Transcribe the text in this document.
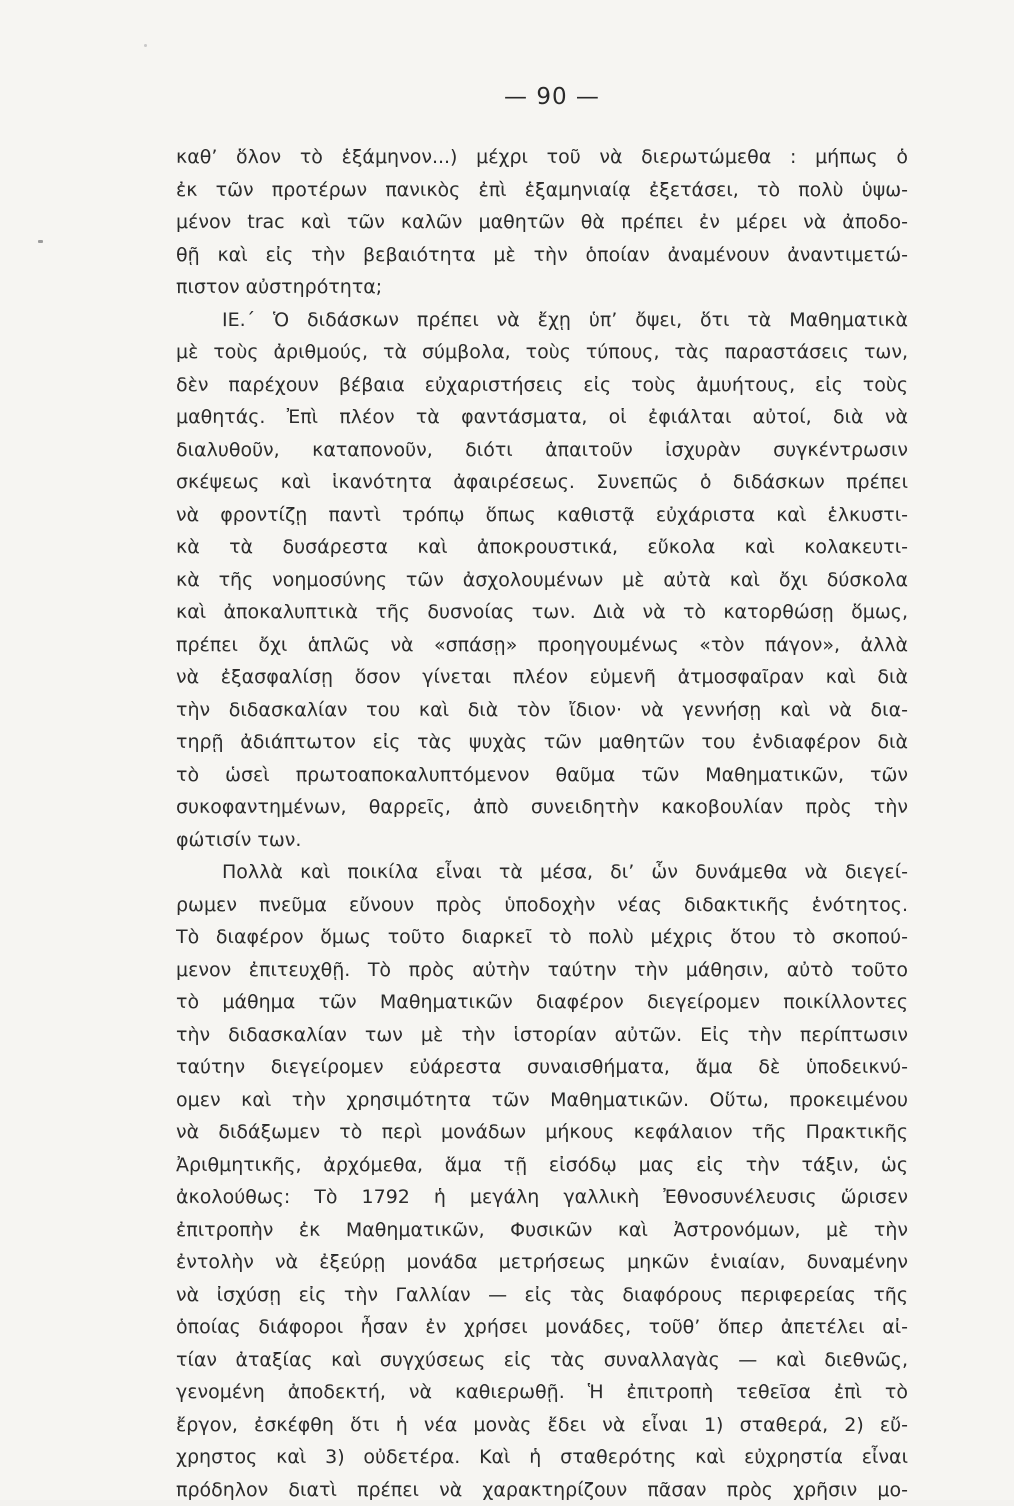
— 90 —
καθ’ ὅλον τὸ ἑξάμηνον...) μέχρι τοῦ νὰ διερωτώμεθα : μήπως ὁ
ἐκ τῶν προτέρων πανικὸς ἐπὶ ἑξαμηνιαίᾳ ἐξετάσει, τὸ πολὺ ὑψω-
μένον trac καὶ τῶν καλῶν μαθητῶν θὰ πρέπει ἐν μέρει νὰ ἀποδο-
θῇ καὶ εἰς τὴν βεβαιότητα μὲ τὴν ὁποίαν ἀναμένουν ἀναντιμετώ-
πιστον αὐστηρότητα;
ΙΕ.΄ Ὁ διδάσκων πρέπει νὰ ἔχῃ ὑπ’ ὄψει, ὅτι τὰ Μαθηματικὰ
μὲ τοὺς ἀριθμούς, τὰ σύμβολα, τοὺς τύπους, τὰς παραστάσεις των,
δὲν παρέχουν βέβαια εὐχαριστήσεις εἰς τοὺς ἀμυήτους, εἰς τοὺς
μαθητάς. Ἐπὶ πλέον τὰ φαντάσματα, οἱ ἐφιάλται αὐτοί, διὰ νὰ
διαλυθοῦν, καταπονοῦν, διότι ἀπαιτοῦν ἰσχυρὰν συγκέντρωσιν
σκέψεως καὶ ἱκανότητα ἀφαιρέσεως. Συνεπῶς ὁ διδάσκων πρέπει
νὰ φροντίζῃ παντὶ τρόπῳ ὅπως καθιστᾷ εὐχάριστα καὶ ἑλκυστι-
κὰ τὰ δυσάρεστα καὶ ἀποκρουστικά, εὔκολα καὶ κολακευτι-
κὰ τῆς νοημοσύνης τῶν ἀσχολουμένων μὲ αὐτὰ καὶ ὄχι δύσκολα
καὶ ἀποκαλυπτικὰ τῆς δυσνοίας των. Διὰ νὰ τὸ κατορθώσῃ ὅμως,
πρέπει ὄχι ἁπλῶς νὰ «σπάσῃ» προηγουμένως «τὸν πάγον», ἀλλὰ
νὰ ἐξασφαλίσῃ ὅσον γίνεται πλέον εὐμενῆ ἀτμοσφαῖραν καὶ διὰ
τὴν διδασκαλίαν του καὶ διὰ τὸν ἴδιον· νὰ γεννήσῃ καὶ νὰ δια-
τηρῇ ἀδιάπτωτον εἰς τὰς ψυχὰς τῶν μαθητῶν του ἐνδιαφέρον διὰ
τὸ ὡσεὶ πρωτοαποκαλυπτόμενον θαῦμα τῶν Μαθηματικῶν, τῶν
συκοφαντημένων, θαρρεῖς, ἀπὸ συνειδητὴν κακοβουλίαν πρὸς τὴν
φώτισίν των.
Πολλὰ καὶ ποικίλα εἶναι τὰ μέσα, δι’ ὧν δυνάμεθα νὰ διεγεί-
ρωμεν πνεῦμα εὔνουν πρὸς ὑποδοχὴν νέας διδακτικῆς ἑνότητος.
Τὸ διαφέρον ὅμως τοῦτο διαρκεῖ τὸ πολὺ μέχρις ὅτου τὸ σκοπού-
μενον ἐπιτευχθῇ. Τὸ πρὸς αὐτὴν ταύτην τὴν μάθησιν, αὐτὸ τοῦτο
τὸ μάθημα τῶν Μαθηματικῶν διαφέρον διεγείρομεν ποικίλλοντες
τὴν διδασκαλίαν των μὲ τὴν ἱστορίαν αὐτῶν. Εἰς τὴν περίπτωσιν
ταύτην διεγείρομεν εὐάρεστα συναισθήματα, ἅμα δὲ ὑποδεικνύ-
ομεν καὶ τὴν χρησιμότητα τῶν Μαθηματικῶν. Οὕτω, προκειμένου
νὰ διδάξωμεν τὸ περὶ μονάδων μήκους κεφάλαιον τῆς Πρακτικῆς
Ἀριθμητικῆς, ἀρχόμεθα, ἅμα τῇ εἰσόδῳ μας εἰς τὴν τάξιν, ὡς
ἀκολούθως: Τὸ 1792 ἡ μεγάλη γαλλικὴ Ἐθνοσυνέλευσις ὥρισεν
ἐπιτροπὴν ἐκ Μαθηματικῶν, Φυσικῶν καὶ Ἀστρονόμων, μὲ τὴν
ἐντολὴν νὰ ἐξεύρῃ μονάδα μετρήσεως μηκῶν ἑνιαίαν, δυναμένην
νὰ ἰσχύσῃ εἰς τὴν Γαλλίαν — εἰς τὰς διαφόρους περιφερείας τῆς
ὁποίας διάφοροι ἦσαν ἐν χρήσει μονάδες, τοῦθ’ ὅπερ ἀπετέλει αἰ-
τίαν ἀταξίας καὶ συγχύσεως εἰς τὰς συναλλαγὰς — καὶ διεθνῶς,
γενομένη ἀποδεκτή, νὰ καθιερωθῇ. Ἡ ἐπιτροπὴ τεθεῖσα ἐπὶ τὸ
ἔργον, ἐσκέφθη ὅτι ἡ νέα μονὰς ἔδει νὰ εἶναι 1) σταθερά, 2) εὔ-
χρηστος καὶ 3) οὐδετέρα. Καὶ ἡ σταθερότης καὶ εὐχρηστία εἶναι
πρόδηλον διατὶ πρέπει νὰ χαρακτηρίζουν πᾶσαν πρὸς χρῆσιν μο-
